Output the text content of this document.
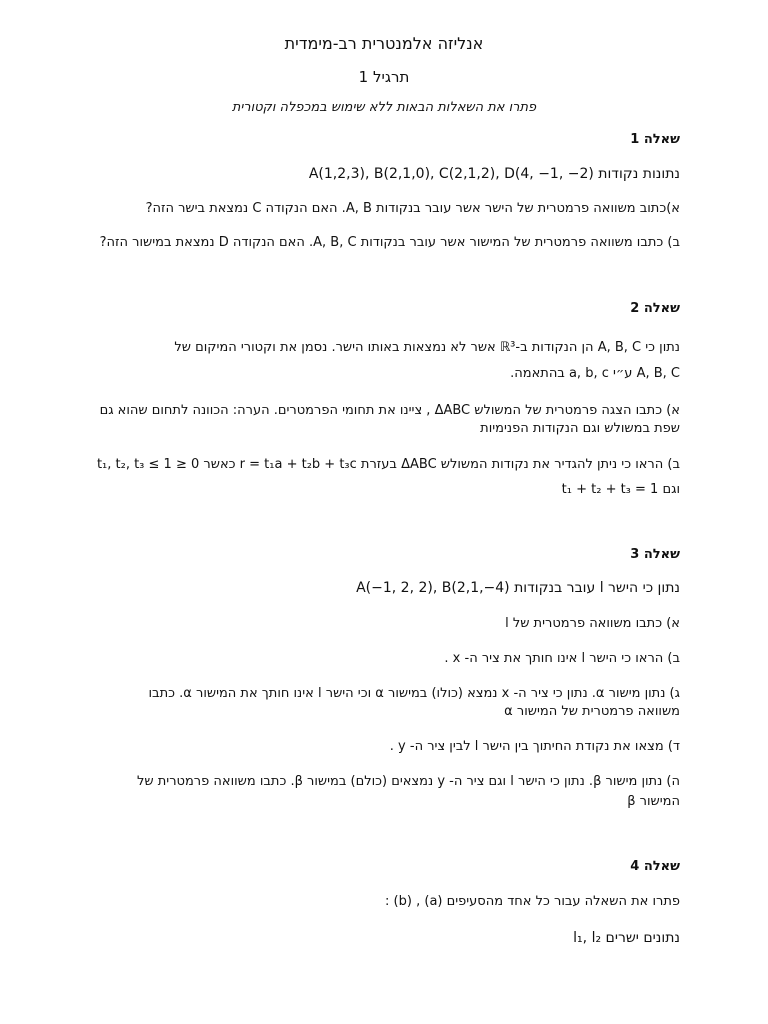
אנליזה אלמנטרית רב-מימדית
תרגיל 1
פתרו את השאלות הבאות ללא שימוש במכפלה וקטורית
שאלה 1
נתונות נקודות A(1,2,3), B(2,1,0), C(2,1,2), D(4, −1, −2)
א)כתוב משוואה פרמטרית של הישר אשר עובר בנקודות A, B. האם הנקודה C נמצאת בישר הזה?
ב) כתבו משוואה פרמטרית של המישור אשר עובר בנקודות A, B, C. האם הנקודה D נמצאת במישור הזה?
שאלה 2
נתון כי A, B, C הן הנקודות ב-ℝ³ אשר לא נמצאות באותו הישר. נסמן את וקטורי המיקום של
A, B, C ע״י a, b, c בהתאמה.
א) כתבו הצגה פרמטרית של המשולש ΔABC , ציינו את תחומי הפרמטרים. הערה: הכוונה לתחום שהוא גם
שפת במשולש וגם הנקודות הפנימיות
ב) הראו כי ניתן להגדיר את נקודות המשולש ΔABC בעזרת r = t₁a + t₂b + t₃c כאשר 0 ≤ t₁, t₂, t₃ ≤ 1
וגם t₁ + t₂ + t₃ = 1
שאלה 3
נתון כי הישר l עובר בנקודות A(−1, 2, 2), B(2,1,−4)
א) כתבו משוואה פרמטרית של l
ב) הראו כי הישר l אינו חותך את ציר ה- x .
ג) נתון מישור α. נתון כי ציר ה- x נמצא (כולו) במישור α וכי הישר l אינו חותך את המישור α. כתבו
משוואה פרמטרית של המישור α
ד) מצאו את נקודת החיתוך בין הישר l לבין ציר ה- y .
ה) נתון מישור β. נתון כי הישר l וגם ציר ה- y נמצאים (כולם) במישור β. כתבו משוואה פרמטרית של
המישור β
שאלה 4
פתרו את השאלה עבור כל אחד מהסעיפים (a) , (b) :
נתונים ישרים l₁, l₂
